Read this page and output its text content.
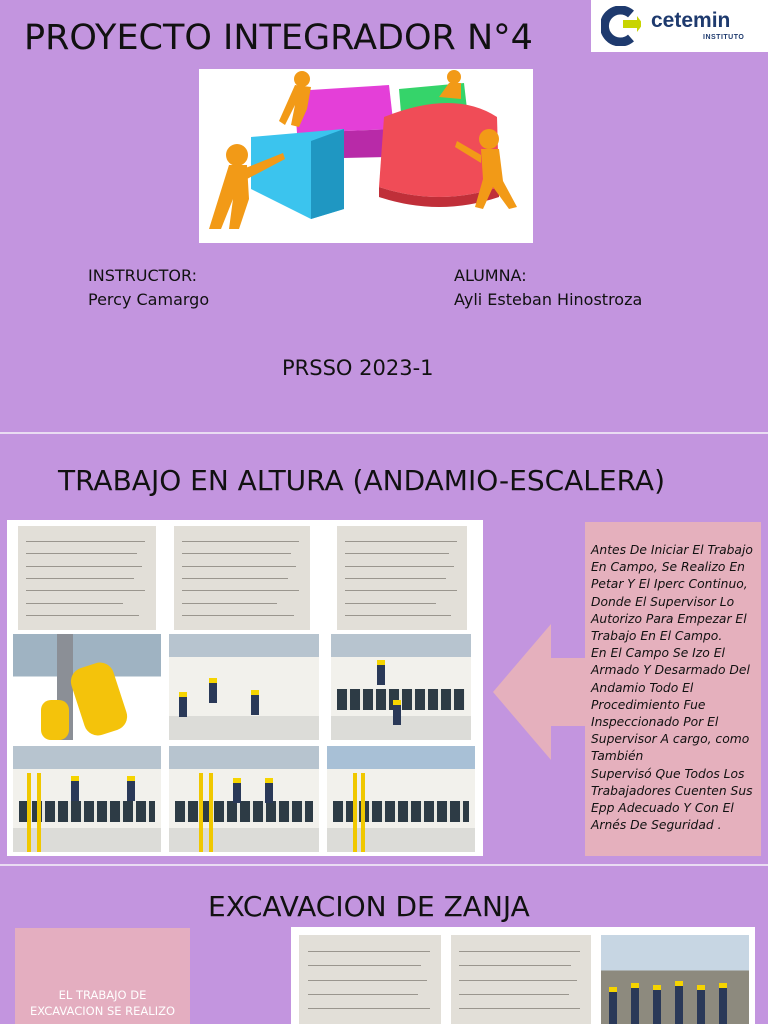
PROYECTO INTEGRADOR N°4	cetemin
INSTITUTO
INSTRUCTOR:
Percy Camargo
ALUMNA:
Ayli Esteban Hinostroza
PRSSO 2023-1
TRABAJO EN ALTURA (ANDAMIO-ESCALERA)
Antes De Iniciar El Trabajo En Campo, Se Realizo En Petar Y El Iperc Continuo, Donde El Supervisor Lo Autorizo Para Empezar El Trabajo En El Campo.
En El Campo Se Izo El Armado Y Desarmado Del Andamio Todo El Procedimiento Fue Inspeccionado Por El Supervisor A cargo, como También
Supervisó Que Todos Los Trabajadores Cuenten Sus Epp Adecuado Y Con El Arnés De Seguridad .
EXCAVACION DE ZANJA
EL TRABAJO DE
EXCAVACION SE REALIZO
